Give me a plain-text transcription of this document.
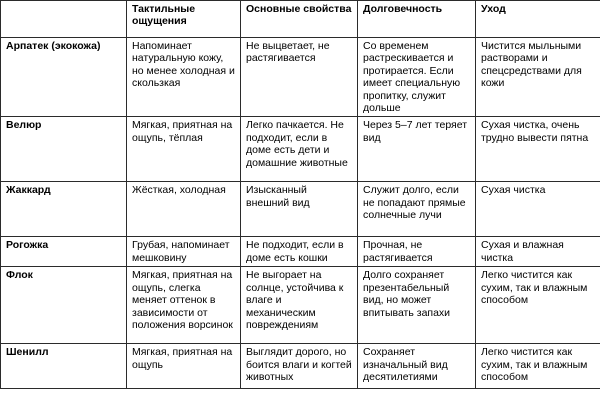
	Тактильные ощущения	Основные свойства	Долговечность	Уход
Арпатек (экокожа)	Напоминает натуральную кожу, но менее холодная и скользкая	Не выцветает, не растягивается	Со временем растрескивается и протирается. Если имеет специальную пропитку, служит дольше	Чистится мыльными растворами и спецсредствами для кожи
Велюр	Мягкая, приятная на ощупь, тёплая	Легко пачкается. Не подходит, если в доме есть дети и домашние животные	Через 5–7 лет теряет вид	Сухая чистка, очень трудно вывести пятна
Жаккард	Жёсткая, холодная	Изысканный внешний вид	Служит долго, если не попадают прямые солнечные лучи	Сухая чистка
Рогожка	Грубая, напоминает мешковину	Не подходит, если в доме есть кошки	Прочная, не растягивается	Сухая и влажная чистка
Флок	Мягкая, приятная на ощупь, слегка меняет оттенок в зависимости от положения ворсинок	Не выгорает на солнце, устойчива к влаге и механическим повреждениям	Долго сохраняет презентабельный вид, но может впитывать запахи	Легко чистится как сухим, так и влажным способом
Шенилл	Мягкая, приятная на ощупь	Выглядит дорого, но боится влаги и когтей животных	Сохраняет изначальный вид десятилетиями	Легко чистится как сухим, так и влажным способом
